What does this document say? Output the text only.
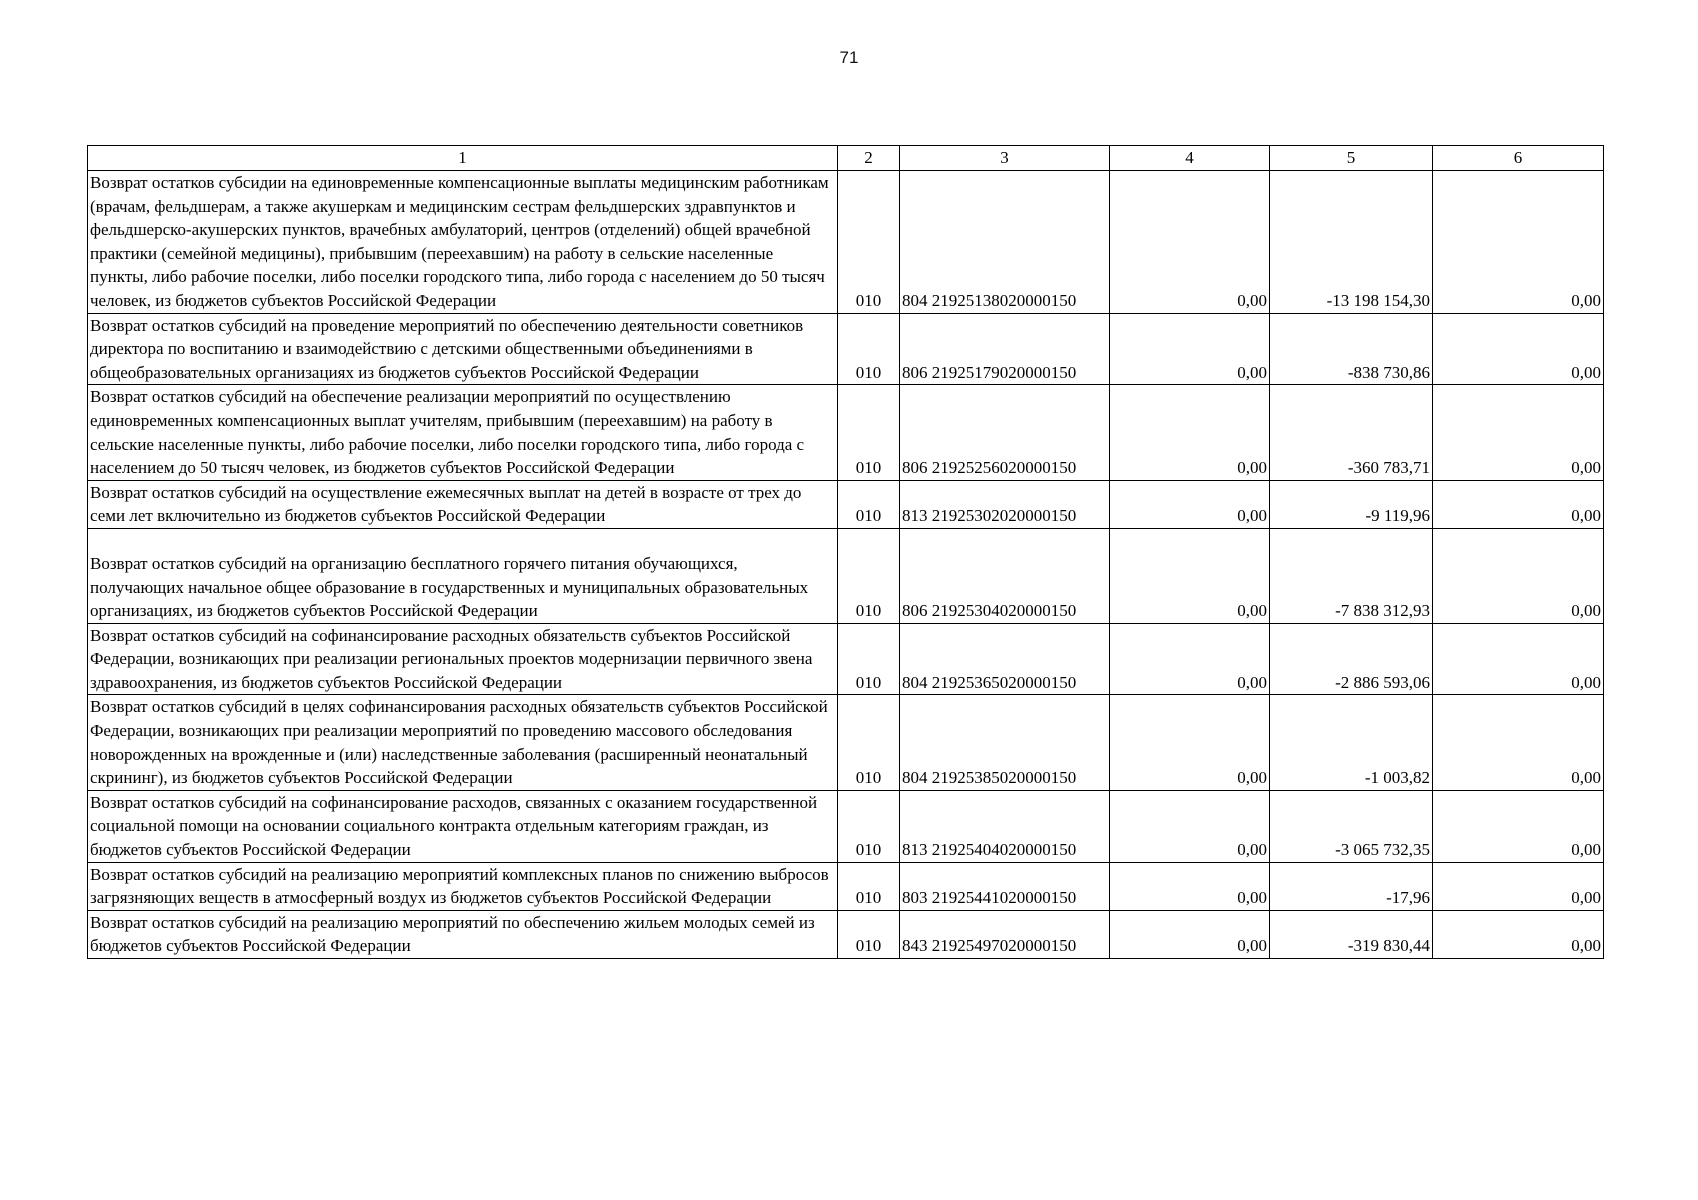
71
1	2	3	4	5	6
Возврат остатков субсидии на единовременные компенсационные выплаты медицинским работникам (врачам, фельдшерам, а также акушеркам и медицинским сестрам фельдшерских здравпунктов и фельдшерско-акушерских пунктов, врачебных амбулаторий, центров (отделений) общей врачебной практики (семейной медицины), прибывшим (переехавшим) на работу в сельские населенные пункты, либо рабочие поселки, либо поселки городского типа, либо города с населением до 50 тысяч человек, из бюджетов субъектов Российской Федерации	010	804 21925138020000150	0,00	-13 198 154,30	0,00
Возврат остатков субсидий на проведение мероприятий по обеспечению деятельности советников директора по воспитанию и взаимодействию с детскими общественными объединениями в общеобразовательных организациях из бюджетов субъектов Российской Федерации	010	806 21925179020000150	0,00	-838 730,86	0,00
Возврат остатков субсидий на обеспечение реализации мероприятий по осуществлению единовременных компенсационных выплат учителям, прибывшим (переехавшим) на работу в сельские населенные пункты, либо рабочие поселки, либо поселки городского типа, либо города с населением до 50 тысяч человек, из бюджетов субъектов Российской Федерации	010	806 21925256020000150	0,00	-360 783,71	0,00
Возврат остатков субсидий на осуществление ежемесячных выплат на детей в возрасте от трех до семи лет включительно из бюджетов субъектов Российской Федерации	010	813 21925302020000150	0,00	-9 119,96	0,00

Возврат остатков субсидий на организацию бесплатного горячего питания обучающихся, получающих начальное общее образование в государственных и муниципальных образовательных организациях, из бюджетов субъектов Российской Федерации	010	806 21925304020000150	0,00	-7 838 312,93	0,00
Возврат остатков субсидий на софинансирование расходных обязательств субъектов Российской Федерации, возникающих при реализации региональных проектов модернизации первичного звена здравоохранения, из бюджетов субъектов Российской Федерации	010	804 21925365020000150	0,00	-2 886 593,06	0,00
Возврат остатков субсидий в целях софинансирования расходных обязательств субъектов Российской Федерации, возникающих при реализации мероприятий по проведению массового обследования новорожденных на врожденные и (или) наследственные заболевания (расширенный неонатальный скрининг), из бюджетов субъектов Российской Федерации	010	804 21925385020000150	0,00	-1 003,82	0,00
Возврат остатков субсидий на софинансирование расходов, связанных с оказанием государственной социальной помощи на основании социального контракта отдельным категориям граждан, из бюджетов субъектов Российской Федерации	010	813 21925404020000150	0,00	-3 065 732,35	0,00
Возврат остатков субсидий на реализацию мероприятий комплексных планов по снижению выбросов загрязняющих веществ в атмосферный воздух из бюджетов субъектов Российской Федерации	010	803 21925441020000150	0,00	-17,96	0,00
Возврат остатков субсидий на реализацию мероприятий по обеспечению жильем молодых семей из бюджетов субъектов Российской Федерации	010	843 21925497020000150	0,00	-319 830,44	0,00
